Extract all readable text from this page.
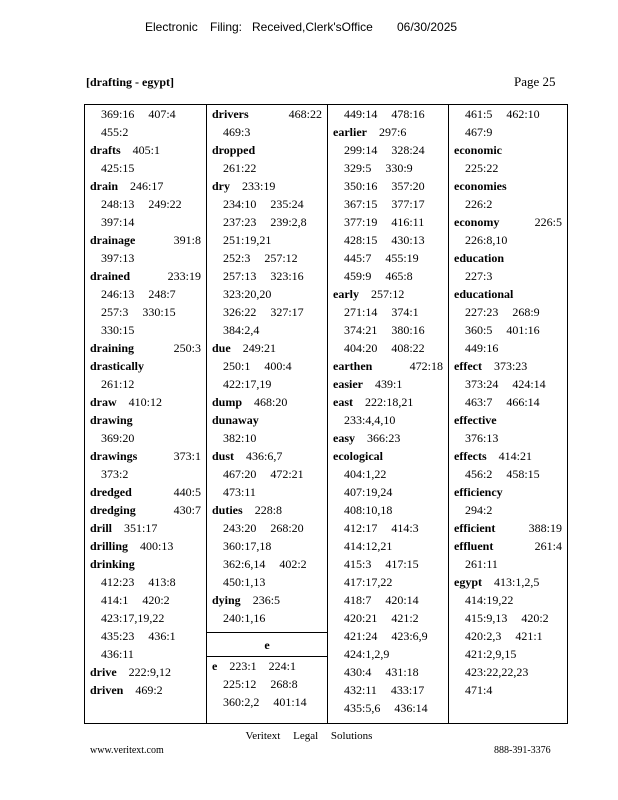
Electronic Filing: Received,Clerk'sOffice 06/30/2025
[drafting - egypt]	Page 25
369:16 407:4
455:2
drafts 405:1
425:15
drain 246:17
248:13 249:22
397:14
drainage	391:8
397:13
drained	233:19
246:13 248:7
257:3 330:15
330:15
draining	250:3
drastically
261:12
draw 410:12
drawing
369:20
drawings	373:1
373:2
dredged	440:5
dredging	430:7
drill 351:17
drilling 400:13
drinking
412:23 413:8
414:1 420:2
423:17,19,22
435:23 436:1
436:11
drive 222:9,12
driven 469:2
drivers	468:22
469:3
dropped
261:22
dry 233:19
234:10 235:24
237:23 239:2,8
251:19,21
252:3 257:12
257:13 323:16
323:20,20
326:22 327:17
384:2,4
due 249:21
250:1 400:4
422:17,19
dump 468:20
dunaway
382:10
dust 436:6,7
467:20 472:21
473:11
duties 228:8
243:20 268:20
360:17,18
362:6,14 402:2
450:1,13
dying 236:5
240:1,16
e
e 223:1 224:1
225:12 268:8
360:2,2 401:14
449:14 478:16
earlier 297:6
299:14 328:24
329:5 330:9
350:16 357:20
367:15 377:17
377:19 416:11
428:15 430:13
445:7 455:19
459:9 465:8
early 257:12
271:14 374:1
374:21 380:16
404:20 408:22
earthen	472:18
easier 439:1
east 222:18,21
233:4,4,10
easy 366:23
ecological
404:1,22
407:19,24
408:10,18
412:17 414:3
414:12,21
415:3 417:15
417:17,22
418:7 420:14
420:21 421:2
421:24 423:6,9
424:1,2,9
430:4 431:18
432:11 433:17
435:5,6 436:14
461:5 462:10
467:9
economic
225:22
economies
226:2
economy	226:5
226:8,10
education
227:3
educational
227:23 268:9
360:5 401:16
449:16
effect 373:23
373:24 424:14
463:7 466:14
effective
376:13
effects 414:21
456:2 458:15
efficiency
294:2
efficient	388:19
effluent	261:4
261:11
egypt 413:1,2,5
414:19,22
415:9,13 420:2
420:2,3 421:1
421:2,9,15
423:22,22,23
471:4
Veritext Legal Solutions
www.veritext.com	888-391-3376
